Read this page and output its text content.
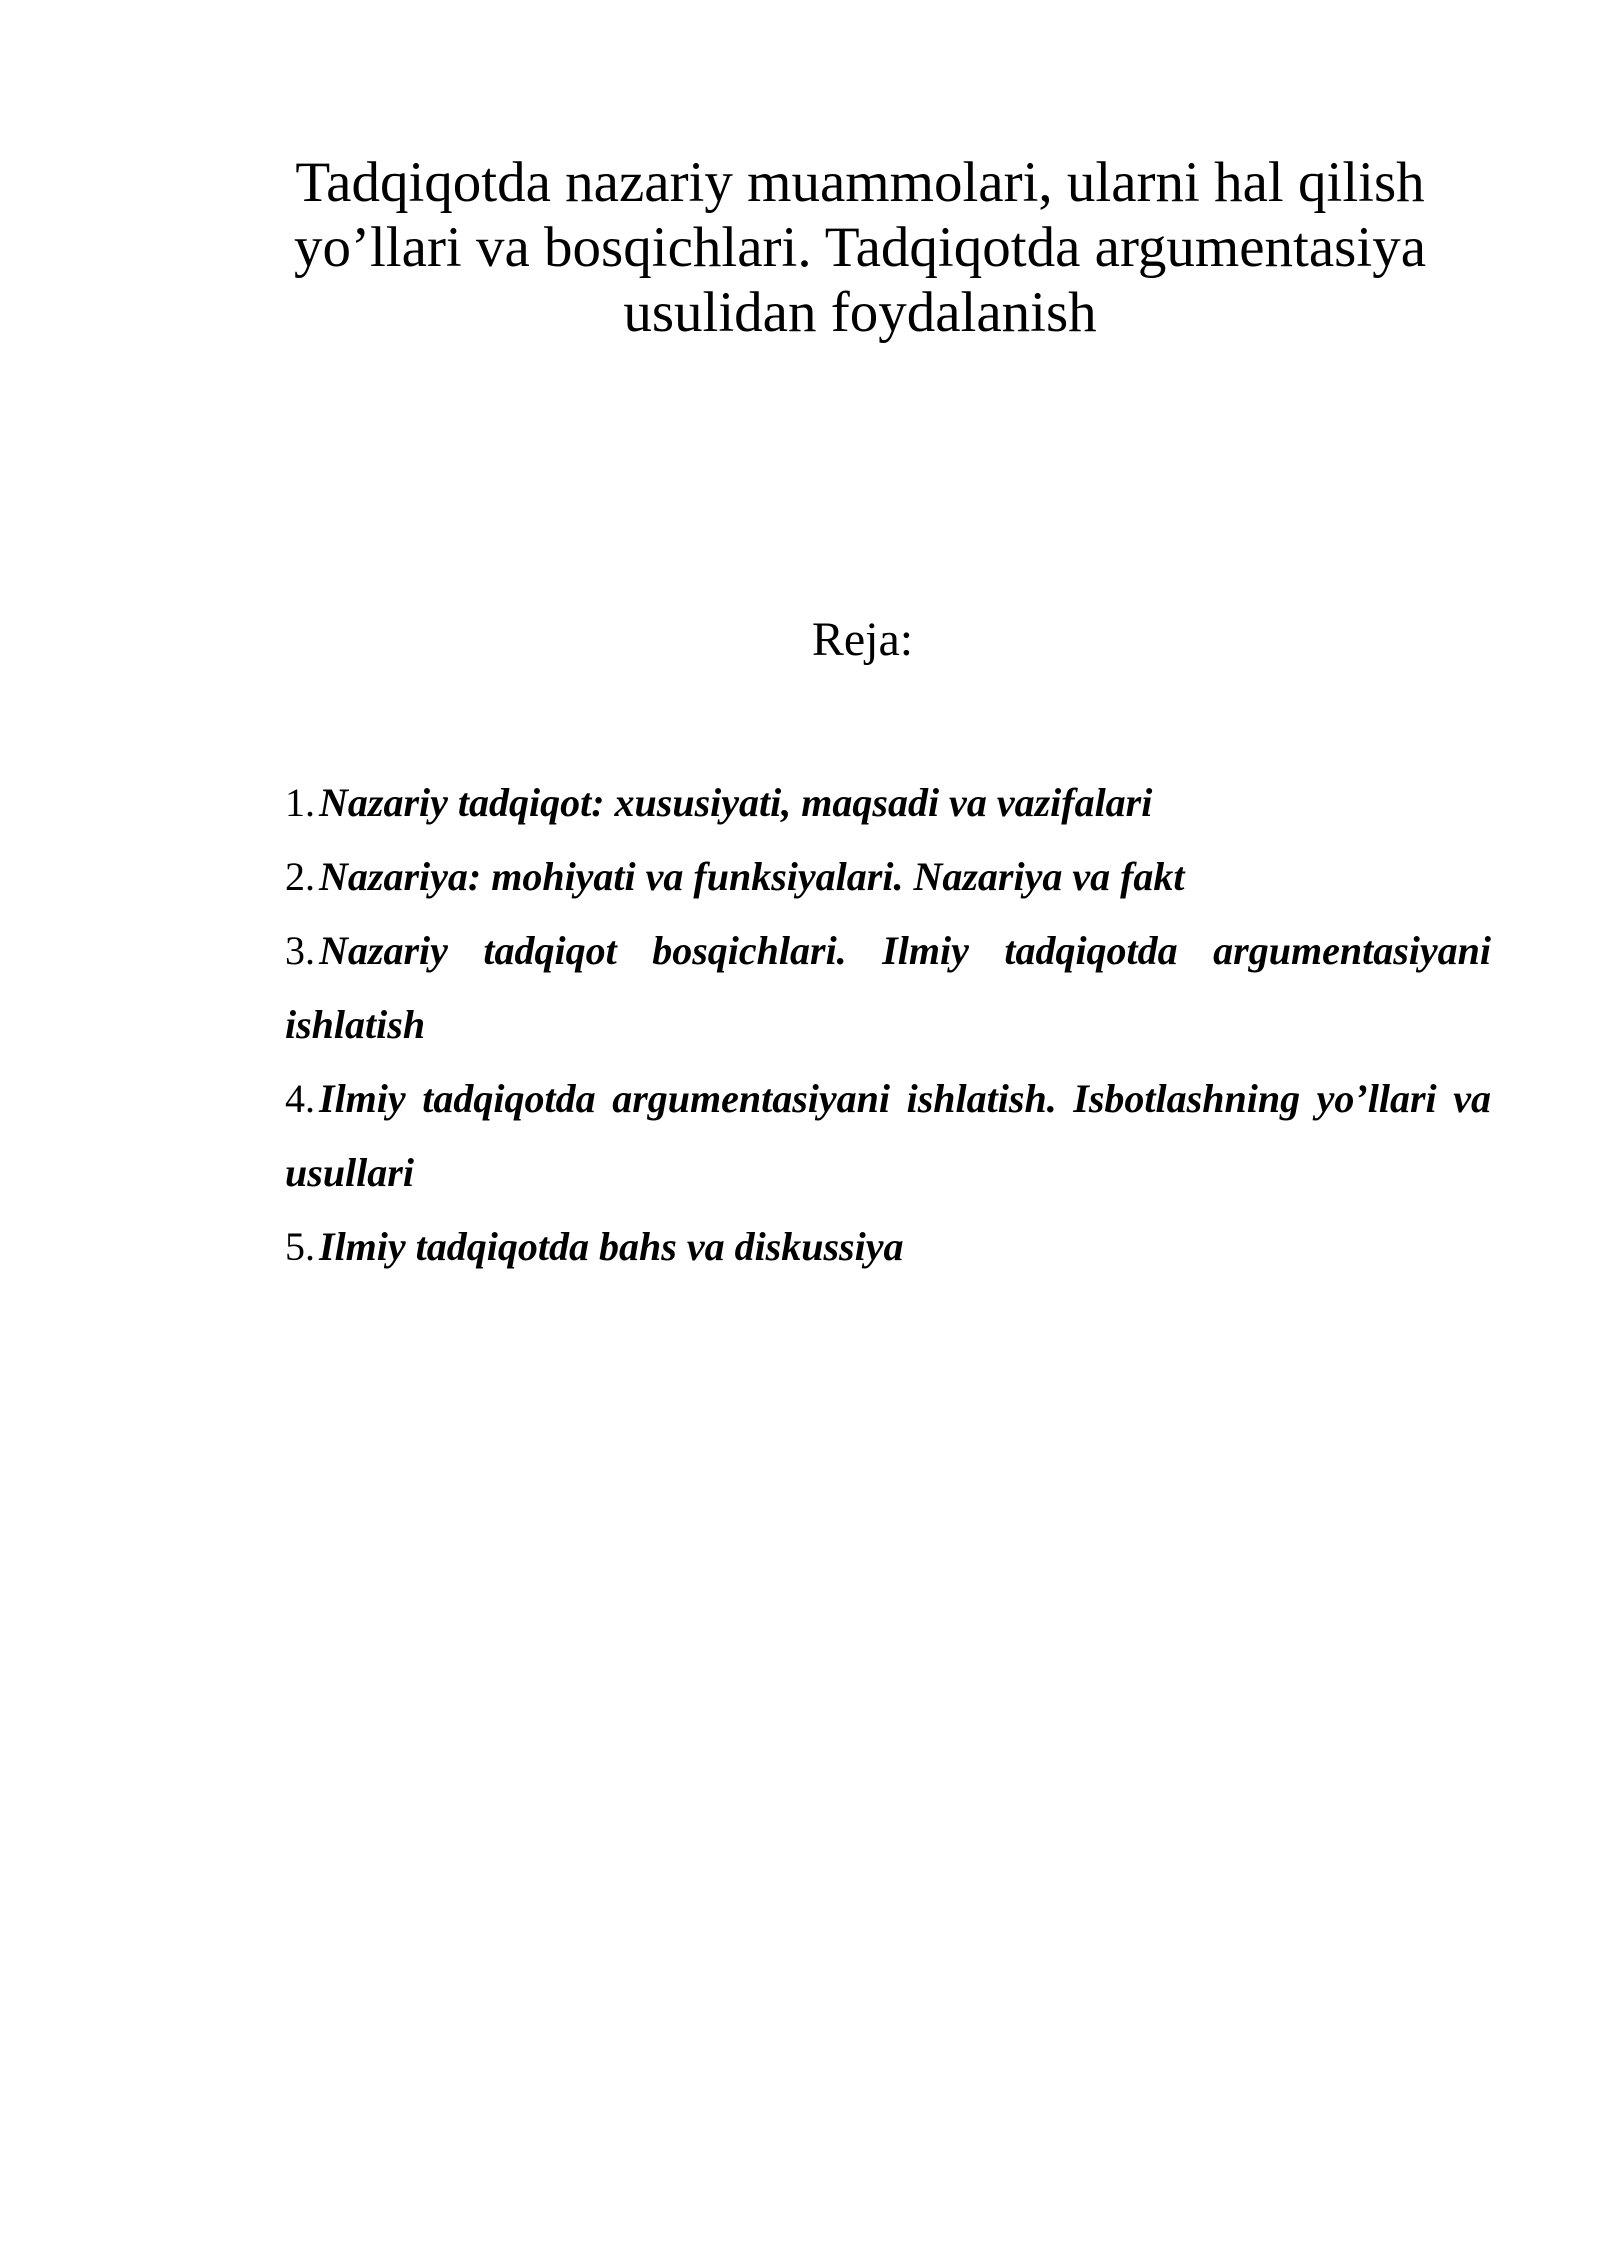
Tadqiqotda nazariy muammolari, ularni hal qilish
yo’llari va bosqichlari. Tadqiqotda argumentasiya
usulidan foydalanish
Reja:
1. Nazariy tadqiqot: xususiyati, maqsadi va vazifalari
2. Nazariya: mohiyati va funksiyalari. Nazariya va fakt
3. Nazariy tadqiqot bosqichlari. Ilmiy tadqiqotda argumentasiyani ishlatish
4. Ilmiy tadqiqotda argumentasiyani ishlatish. Isbotlashning yo’llari va usullari
5. Ilmiy tadqiqotda bahs va diskussiya
